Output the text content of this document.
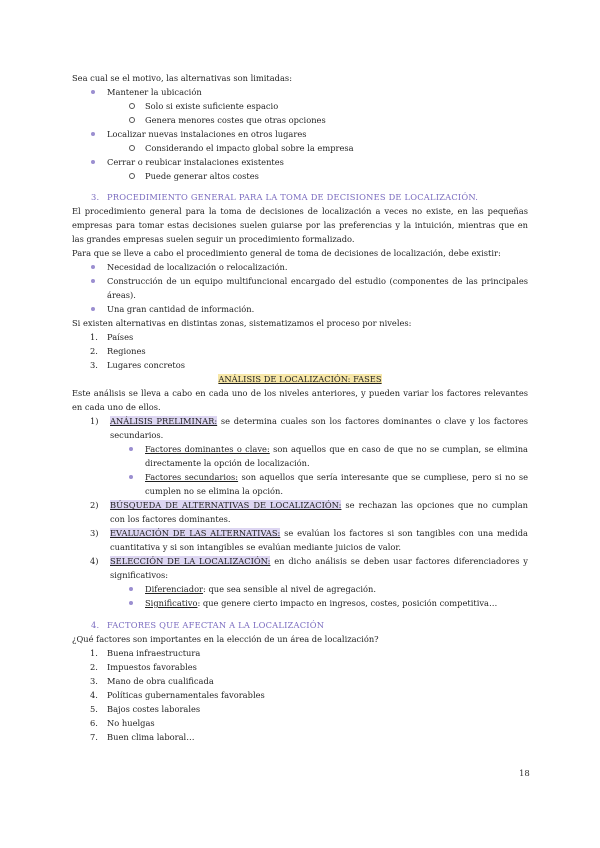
Sea cual se el motivo, las alternativas son limitadas:

Mantener la ubicación
Solo si existe suficiente espacio
Genera menores costes que otras opciones
Localizar nuevas instalaciones en otros lugares
Considerando el impacto global sobre la empresa
Cerrar o reubicar instalaciones existentes
Puede generar altos costes

3. PROCEDIMIENTO GENERAL PARA LA TOMA DE DECISIONES DE LOCALIZACIÓN.

El procedimiento general para la toma de decisiones de localización a veces no existe, en las pequeñas empresas para tomar estas decisiones suelen guiarse por las preferencias y la intuición, mientras que en las grandes empresas suelen seguir un procedimiento formalizado.

Para que se lleve a cabo el procedimiento general de toma de decisiones de localización, debe existir:

Necesidad de localización o relocalización.
Construcción de un equipo multifuncional encargado del estudio (componentes de las principales áreas).
Una gran cantidad de información.

Si existen alternativas en distintas zonas, sistematizamos el proceso por niveles:

1. Países
2. Regiones
3. Lugares concretos

ANÁLISIS DE LOCALIZACIÓN: FASES

Este análisis se lleva a cabo en cada uno de los niveles anteriores, y pueden variar los factores relevantes en cada uno de ellos.

1) ANÁLISIS PRELIMINAR: se determina cuales son los factores dominantes o clave y los factores secundarios.
Factores dominantes o clave: son aquellos que en caso de que no se cumplan, se elimina directamente la opción de localización.
Factores secundarios: son aquellos que sería interesante que se cumpliese, pero si no se cumplen no se elimina la opción.
2) BÚSQUEDA DE ALTERNATIVAS DE LOCALIZACIÓN: se rechazan las opciones que no cumplan con los factores dominantes.
3) EVALUACIÓN DE LAS ALTERNATIVAS: se evalúan los factores si son tangibles con una medida cuantitativa y si son intangibles se evalúan mediante juicios de valor.
4) SELECCIÓN DE LA LOCALIZACIÓN: en dicho análisis se deben usar factores diferenciadores y significativos:
Diferenciador: que sea sensible al nivel de agregación.
Significativo: que genere cierto impacto en ingresos, costes, posición competitiva…

4. FACTORES QUE AFECTAN A LA LOCALIZACIÓN

¿Qué factores son importantes en la elección de un área de localización?

1. Buena infraestructura
2. Impuestos favorables
3. Mano de obra cualificada
4. Políticas gubernamentales favorables
5. Bajos costes laborales
6. No huelgas
7. Buen clima laboral…
18
